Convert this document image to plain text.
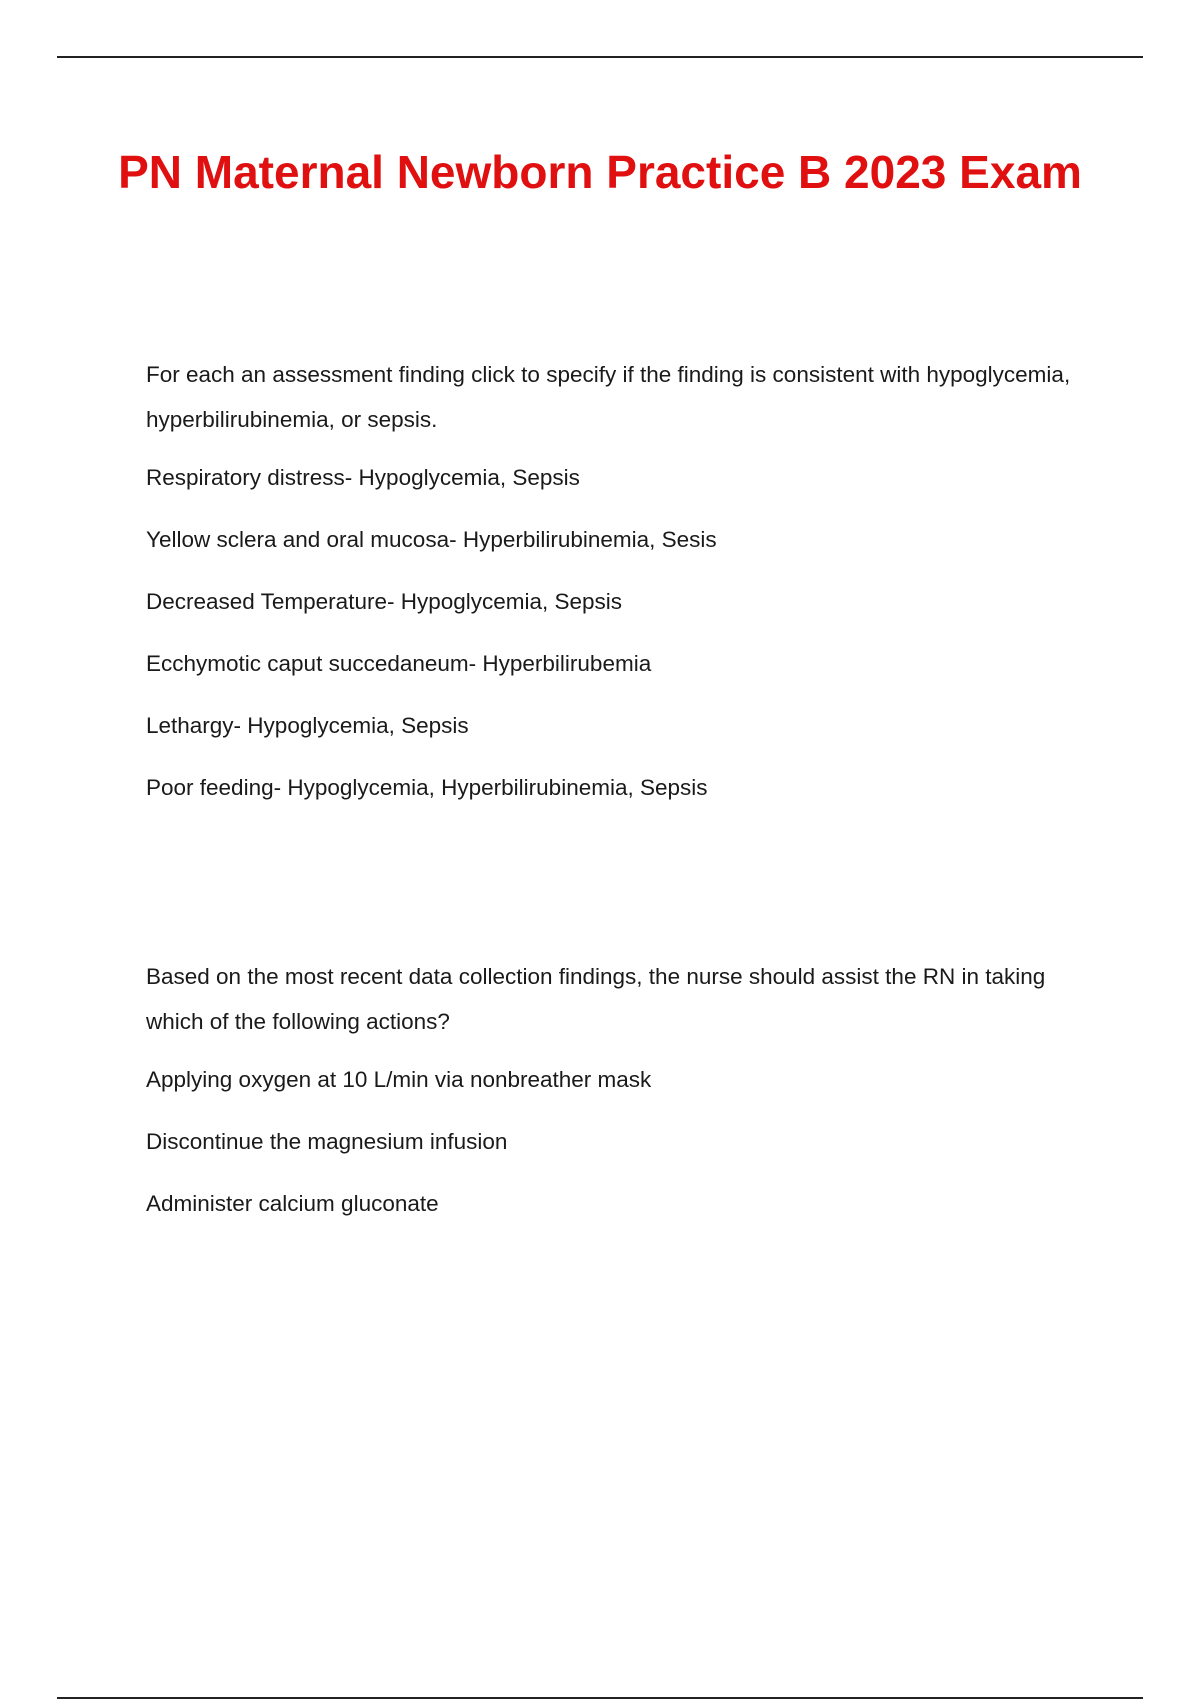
PN Maternal Newborn Practice B 2023 Exam

For each an assessment finding click to specify if the finding is consistent with hypoglycemia, hyperbilirubinemia, or sepsis.

Respiratory distress- Hypoglycemia, Sepsis
Yellow sclera and oral mucosa- Hyperbilirubinemia, Sesis
Decreased Temperature- Hypoglycemia, Sepsis
Ecchymotic caput succedaneum- Hyperbilirubemia
Lethargy- Hypoglycemia, Sepsis
Poor feeding- Hypoglycemia, Hyperbilirubinemia, Sepsis

Based on the most recent data collection findings, the nurse should assist the RN in taking which of the following actions?

Applying oxygen at 10 L/min via nonbreather mask
Discontinue the magnesium infusion
Administer calcium gluconate
